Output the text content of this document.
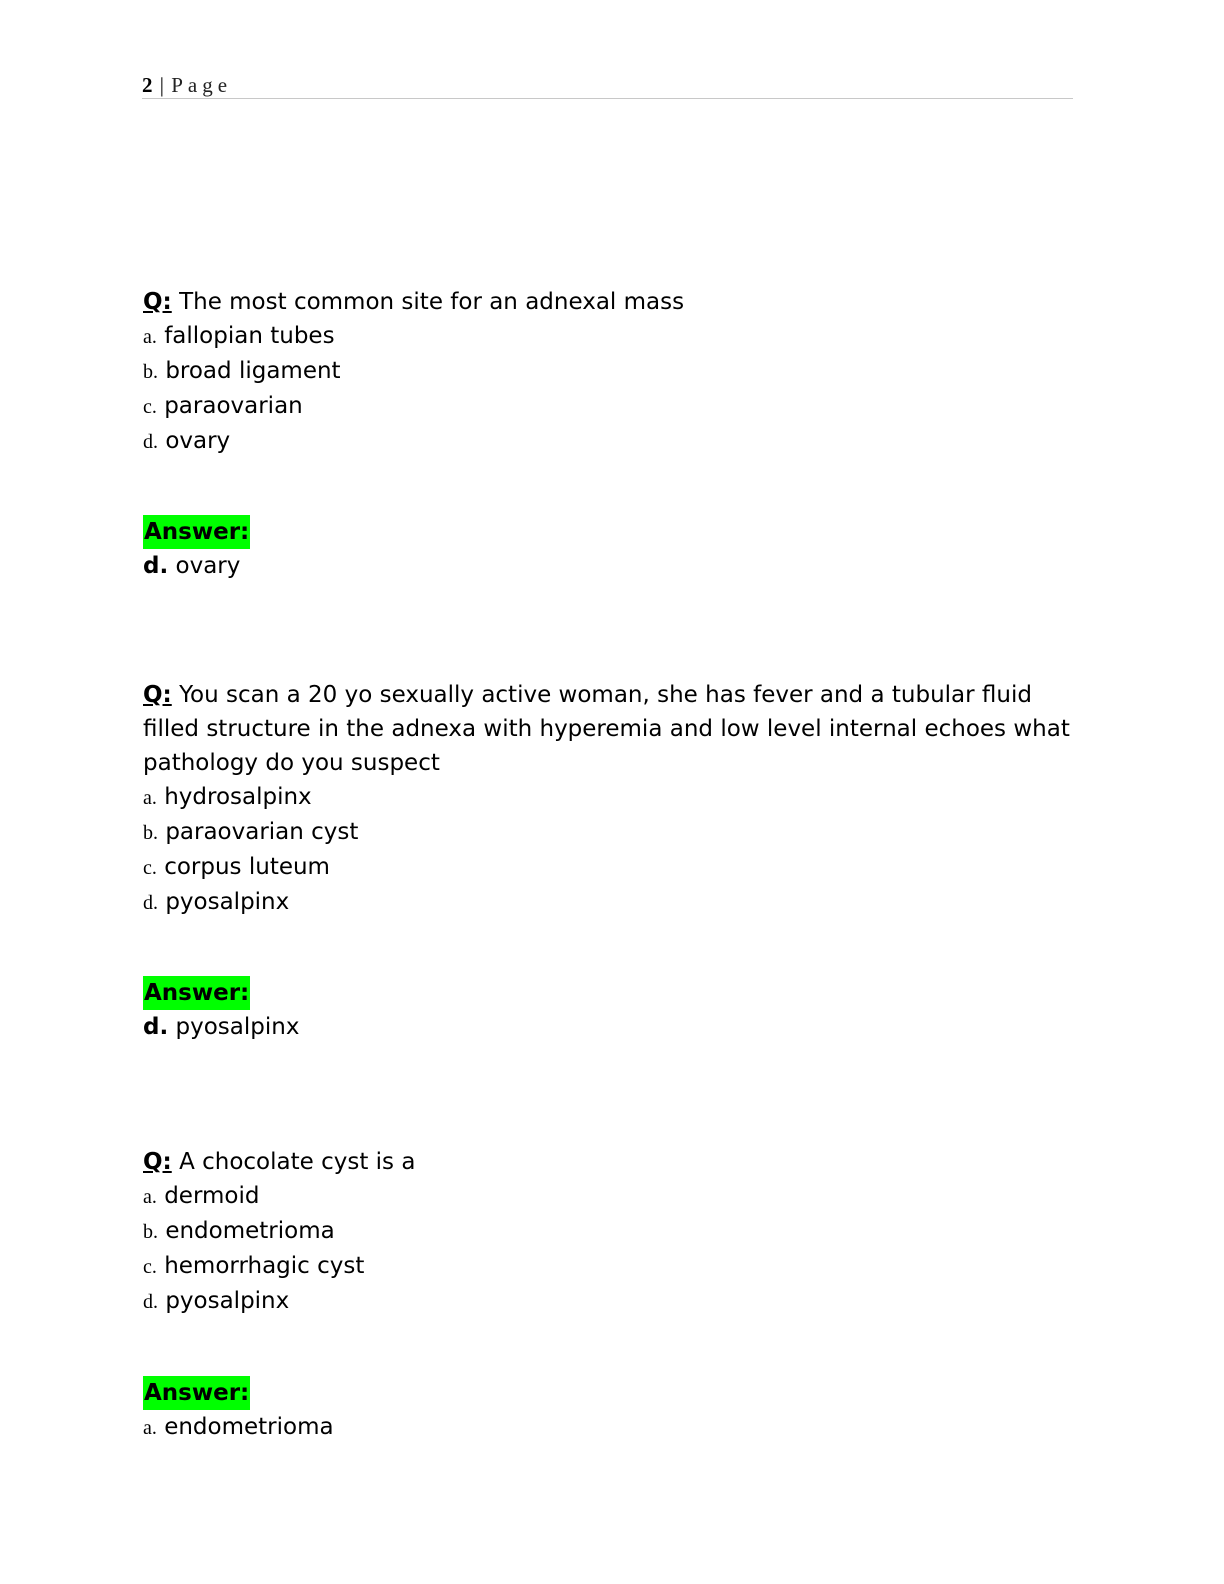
2 | Page

Q: The most common site for an adnexal mass

a. fallopian tubes

b. broad ligament

c. paraovarian

d. ovary

Answer:

d. ovary

Q: You scan a 20 yo sexually active woman, she has fever and a tubular fluid filled structure in the adnexa with hyperemia and low level internal echoes what pathology do you suspect

a. hydrosalpinx

b. paraovarian cyst

c. corpus luteum

d. pyosalpinx

Answer:

d. pyosalpinx

Q: A chocolate cyst is a

a. dermoid

b. endometrioma

c. hemorrhagic cyst

d. pyosalpinx

Answer:

a. endometrioma
